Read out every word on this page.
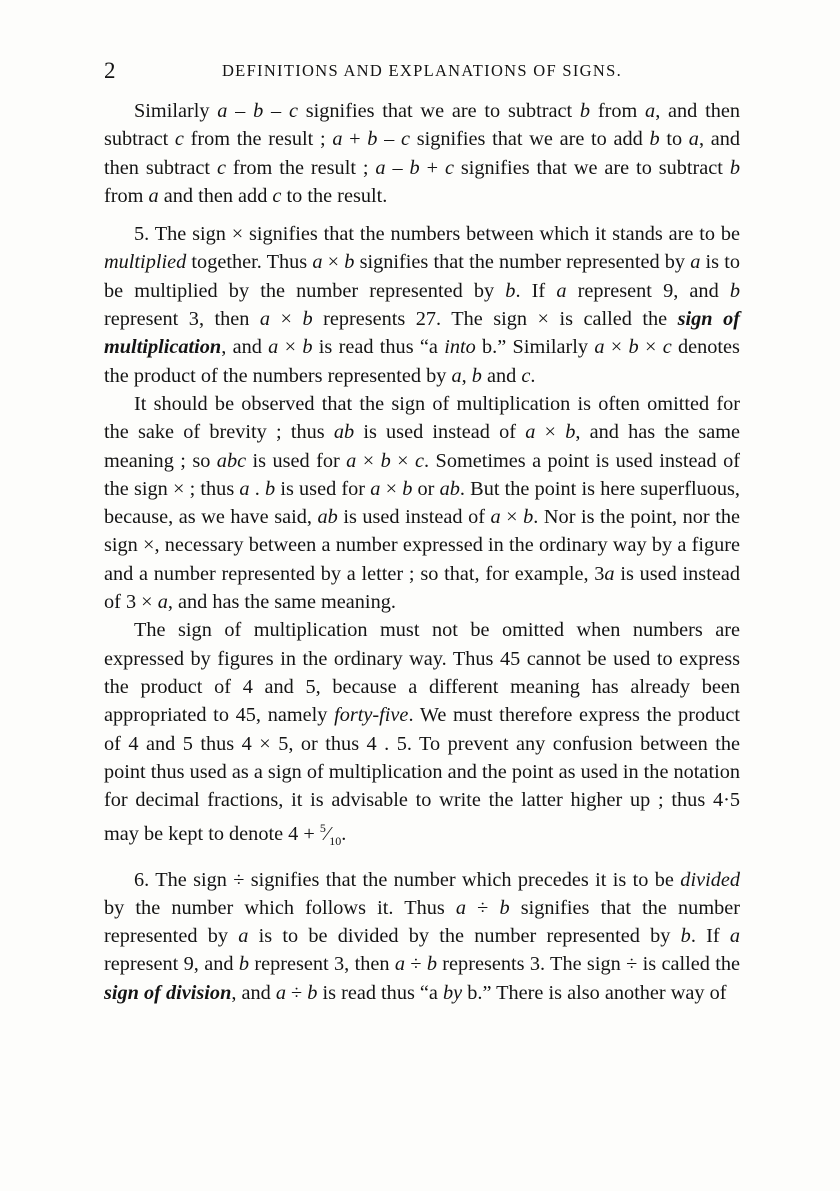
2	DEFINITIONS AND EXPLANATIONS OF SIGNS.

Similarly a – b – c signifies that we are to subtract b from a, and then subtract c from the result ; a + b – c signifies that we are to add b to a, and then subtract c from the result ; a – b + c signifies that we are to subtract b from a and then add c to the result.

5. The sign × signifies that the numbers between which it stands are to be multiplied together. Thus a × b signifies that the number represented by a is to be multiplied by the number represented by b. If a represent 9, and b represent 3, then a × b represents 27. The sign × is called the sign of multiplication, and a × b is read thus “a into b.” Similarly a × b × c denotes the product of the numbers represented by a, b and c.

It should be observed that the sign of multiplication is often omitted for the sake of brevity ; thus ab is used instead of a × b, and has the same meaning ; so abc is used for a × b × c. Sometimes a point is used instead of the sign × ; thus a . b is used for a × b or ab. But the point is here superfluous, because, as we have said, ab is used instead of a × b. Nor is the point, nor the sign ×, necessary between a number expressed in the ordinary way by a figure and a number represented by a letter ; so that, for example, 3a is used instead of 3 × a, and has the same meaning.

The sign of multiplication must not be omitted when numbers are expressed by figures in the ordinary way. Thus 45 cannot be used to express the product of 4 and 5, because a different meaning has already been appropriated to 45, namely forty-five. We must therefore express the product of 4 and 5 thus 4 × 5, or thus 4 . 5. To prevent any confusion between the point thus used as a sign of multiplication and the point as used in the notation for decimal fractions, it is advisable to write the latter higher up ; thus 4·5 may be kept to denote $4 + ^5⁄_{10}$.

6. The sign ÷ signifies that the number which precedes it is to be divided by the number which follows it. Thus a ÷ b signifies that the number represented by a is to be divided by the number represented by b. If a represent 9, and b represent 3, then a ÷ b represents 3. The sign ÷ is called the sign of division, and a ÷ b is read thus “a by b.” There is also another way of
